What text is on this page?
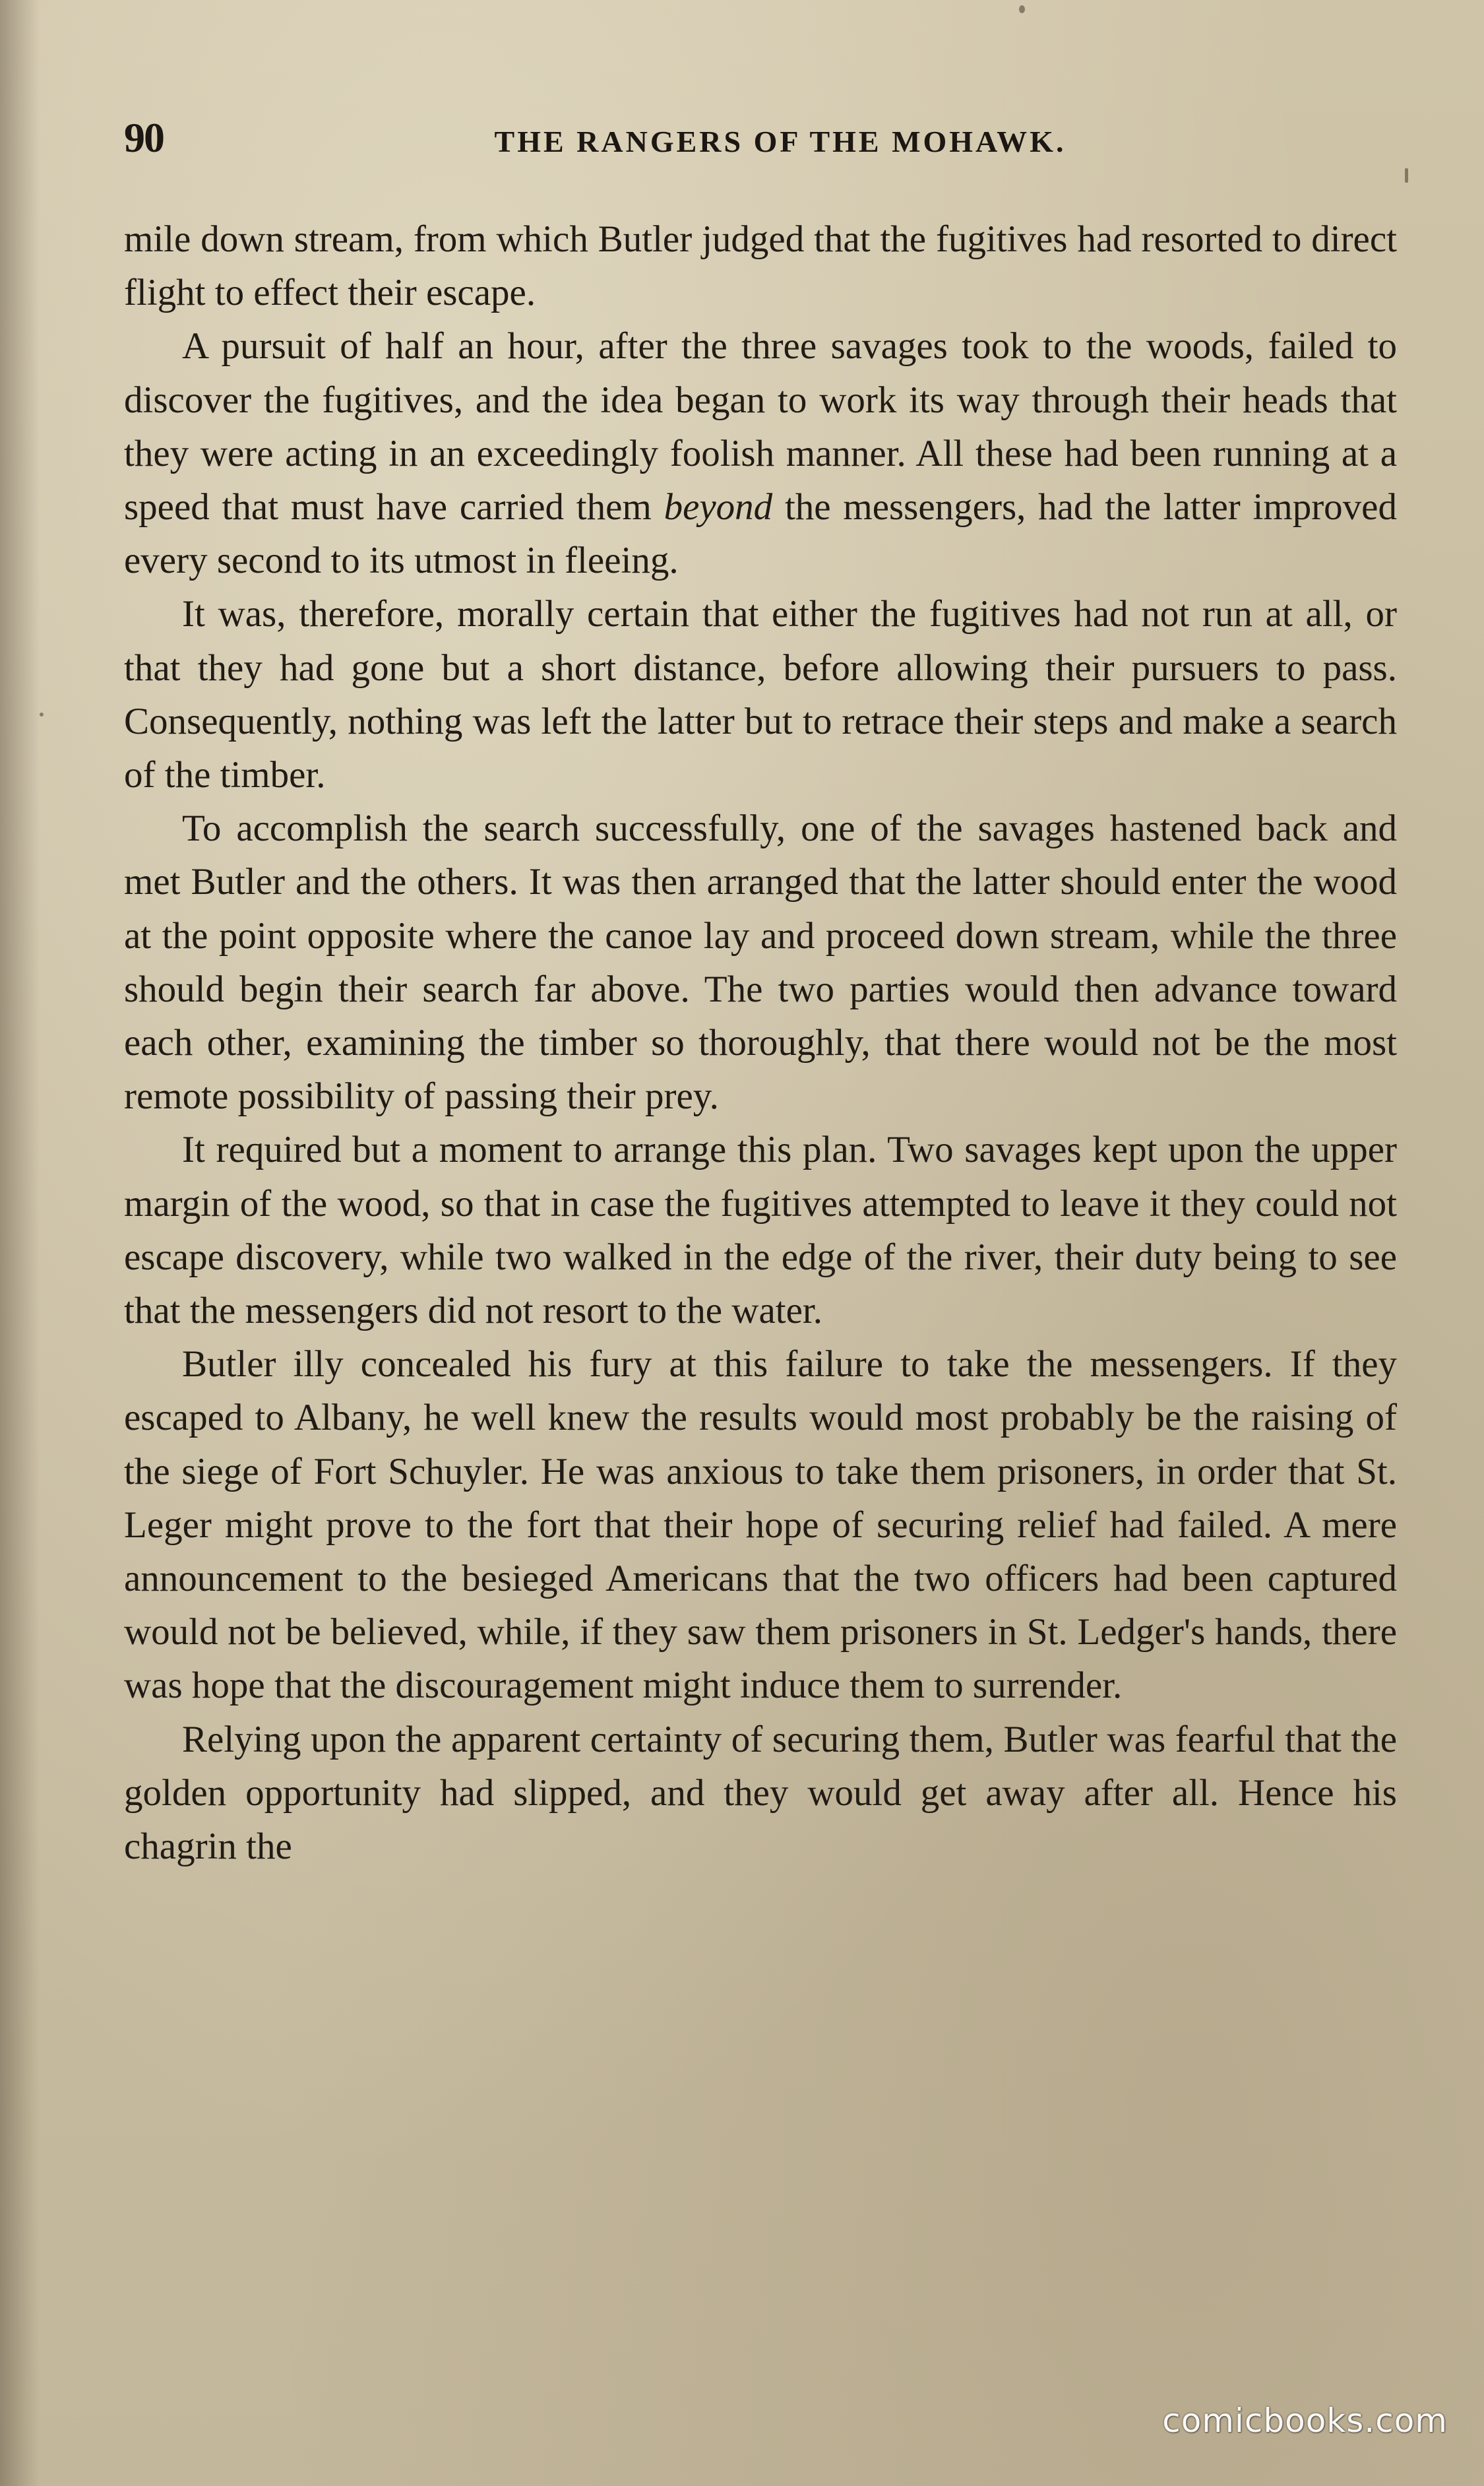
90	THE RANGERS OF THE MOHAWK.

mile down stream, from which Butler judged that the fugitives had resorted to direct flight to effect their escape.

A pursuit of half an hour, after the three savages took to the woods, failed to discover the fugitives, and the idea began to work its way through their heads that they were acting in an exceedingly foolish manner. All these had been running at a speed that must have carried them beyond the messengers, had the latter improved every second to its utmost in fleeing.

It was, therefore, morally certain that either the fugitives had not run at all, or that they had gone but a short distance, before allowing their pursuers to pass. Consequently, nothing was left the latter but to retrace their steps and make a search of the timber.

To accomplish the search successfully, one of the savages hastened back and met Butler and the others. It was then arranged that the latter should enter the wood at the point opposite where the canoe lay and proceed down stream, while the three should begin their search far above. The two parties would then advance toward each other, examining the timber so thoroughly, that there would not be the most remote possibility of passing their prey.

It required but a moment to arrange this plan. Two savages kept upon the upper margin of the wood, so that in case the fugitives attempted to leave it they could not escape discovery, while two walked in the edge of the river, their duty being to see that the messengers did not resort to the water.

Butler illy concealed his fury at this failure to take the messengers. If they escaped to Albany, he well knew the results would most probably be the raising of the siege of Fort Schuyler. He was anxious to take them prisoners, in order that St. Leger might prove to the fort that their hope of securing relief had failed. A mere announcement to the besieged Americans that the two officers had been captured would not be believed, while, if they saw them prisoners in St. Ledger's hands, there was hope that the discouragement might induce them to surrender.

Relying upon the apparent certainty of securing them, Butler was fearful that the golden opportunity had slipped, and they would get away after all. Hence his chagrin the

comicbooks.com
